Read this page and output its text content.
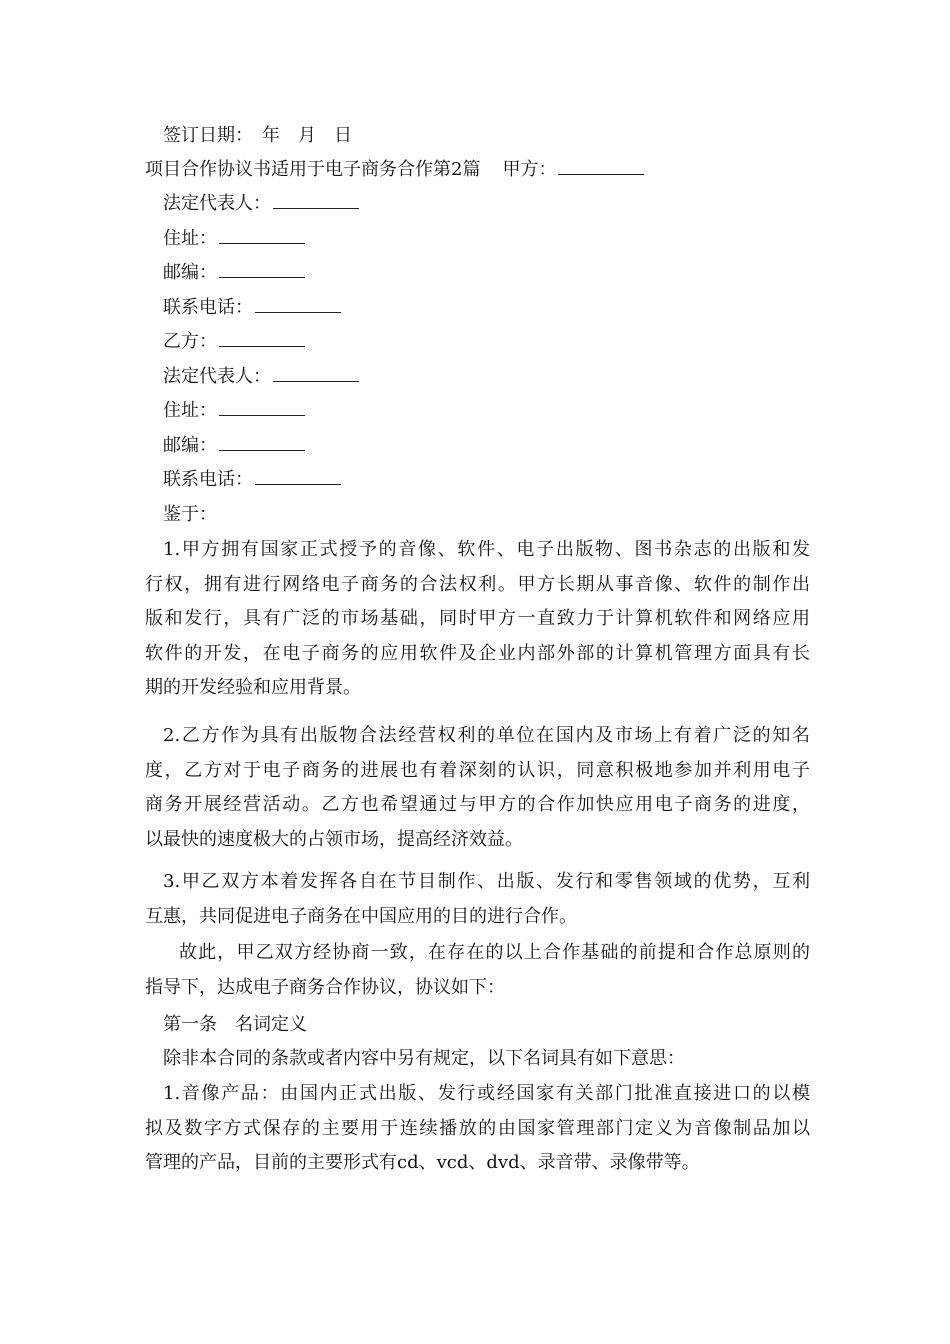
签订日期：　年　月　日
项目合作协议书适用于电子商务合作第2篇 甲方：
法定代表人：
住址：
邮编：
联系电话：
乙方：
法定代表人：
住址：
邮编：
联系电话：
鉴于：
1.甲方拥有国家正式授予的音像、软件、电子出版物、图书杂志的出版和发
行权，拥有进行网络电子商务的合法权利。甲方长期从事音像、软件的制作出
版和发行，具有广泛的市场基础，同时甲方一直致力于计算机软件和网络应用
软件的开发，在电子商务的应用软件及企业内部外部的计算机管理方面具有长
期的开发经验和应用背景。
2.乙方作为具有出版物合法经营权利的单位在国内及市场上有着广泛的知名
度，乙方对于电子商务的进展也有着深刻的认识，同意积极地参加并利用电子
商务开展经营活动。乙方也希望通过与甲方的合作加快应用电子商务的进度，
以最快的速度极大的占领市场，提高经济效益。
3.甲乙双方本着发挥各自在节目制作、出版、发行和零售领域的优势，互利
互惠，共同促进电子商务在中国应用的目的进行合作。
故此，甲乙双方经协商一致，在存在的以上合作基础的前提和合作总原则的
指导下，达成电子商务合作协议，协议如下：
第一条　名词定义
除非本合同的条款或者内容中另有规定，以下名词具有如下意思：
1.音像产品：由国内正式出版、发行或经国家有关部门批准直接进口的以模
拟及数字方式保存的主要用于连续播放的由国家管理部门定义为音像制品加以
管理的产品，目前的主要形式有cd、vcd、dvd、录音带、录像带等。
